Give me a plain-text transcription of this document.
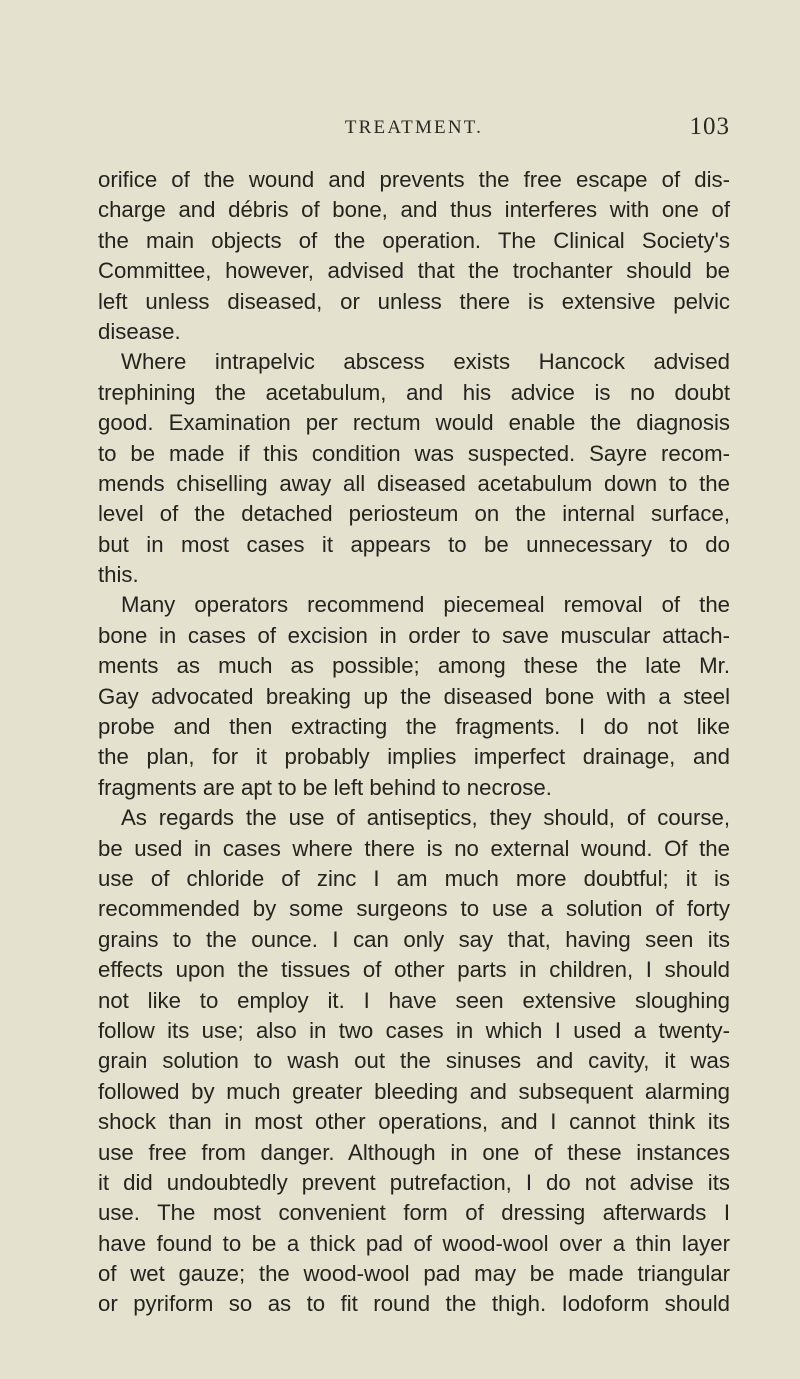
TREATMENT.	103
orifice of the wound and prevents the free escape of dis-
charge and débris of bone, and thus interferes with one of
the main objects of the operation. The Clinical Society's
Committee, however, advised that the trochanter should be
left unless diseased, or unless there is extensive pelvic
disease.
Where intrapelvic abscess exists Hancock advised
trephining the acetabulum, and his advice is no doubt
good. Examination per rectum would enable the diagnosis
to be made if this condition was suspected. Sayre recom-
mends chiselling away all diseased acetabulum down to the
level of the detached periosteum on the internal surface,
but in most cases it appears to be unnecessary to do
this.
Many operators recommend piecemeal removal of the
bone in cases of excision in order to save muscular attach-
ments as much as possible; among these the late Mr.
Gay advocated breaking up the diseased bone with a steel
probe and then extracting the fragments. I do not like
the plan, for it probably implies imperfect drainage, and
fragments are apt to be left behind to necrose.
As regards the use of antiseptics, they should, of course,
be used in cases where there is no external wound. Of the
use of chloride of zinc I am much more doubtful; it is
recommended by some surgeons to use a solution of forty
grains to the ounce. I can only say that, having seen its
effects upon the tissues of other parts in children, I should
not like to employ it. I have seen extensive sloughing
follow its use; also in two cases in which I used a twenty-
grain solution to wash out the sinuses and cavity, it was
followed by much greater bleeding and subsequent alarming
shock than in most other operations, and I cannot think its
use free from danger. Although in one of these instances
it did undoubtedly prevent putrefaction, I do not advise its
use. The most convenient form of dressing afterwards I
have found to be a thick pad of wood-wool over a thin layer
of wet gauze; the wood-wool pad may be made triangular
or pyriform so as to fit round the thigh. Iodoform should
